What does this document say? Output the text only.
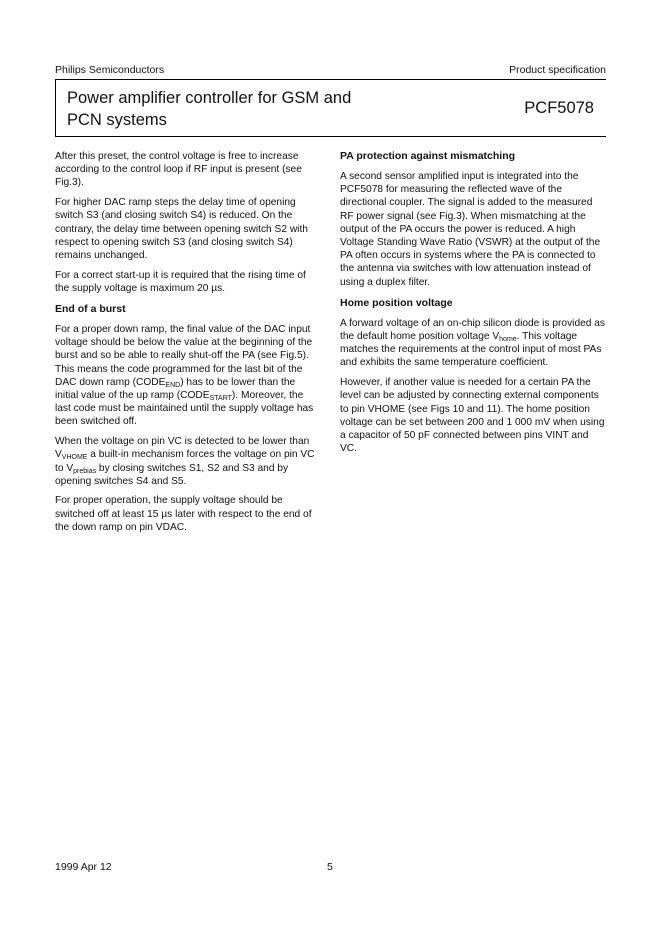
Philips Semiconductors	Product specification
Power amplifier controller for GSM and PCN systems
PCF5078

After this preset, the control voltage is free to increase according to the control loop if RF input is present (see Fig.3).

For higher DAC ramp steps the delay time of opening switch S3 (and closing switch S4) is reduced. On the contrary, the delay time between opening switch S2 with respect to opening switch S3 (and closing switch S4) remains unchanged.

For a correct start-up it is required that the rising time of the supply voltage is maximum 20 µs.

End of a burst

For a proper down ramp, the final value of the DAC input voltage should be below the value at the beginning of the burst and so be able to really shut-off the PA (see Fig.5). This means the code programmed for the last bit of the DAC down ramp $(CODE_{END})$ has to be lower than the initial value of the up ramp $(CODE_{START})$. Moreover, the last code must be maintained until the supply voltage has been switched off.

When the voltage on pin VC is detected to be lower than $V_{VHOME}$ a built-in mechanism forces the voltage on pin VC to $V_{prebias}$ by closing switches S1, S2 and S3 and by opening switches S4 and S5.

For proper operation, the supply voltage should be switched off at least 15 µs later with respect to the end of the down ramp on pin VDAC.

PA protection against mismatching

A second sensor amplified input is integrated into the PCF5078 for measuring the reflected wave of the directional coupler. The signal is added to the measured RF power signal (see Fig.3). When mismatching at the output of the PA occurs the power is reduced. A high Voltage Standing Wave Ratio (VSWR) at the output of the PA often occurs in systems where the PA is connected to the antenna via switches with low attenuation instead of using a duplex filter.

Home position voltage

A forward voltage of an on-chip silicon diode is provided as the default home position voltage $V_{home}$. This voltage matches the requirements at the control input of most PAs and exhibits the same temperature coefficient.

However, if another value is needed for a certain PA the level can be adjusted by connecting external components to pin VHOME (see Figs 10 and 11). The home position voltage can be set between 200 and 1 000 mV when using a capacitor of 50 pF connected between pins VINT and VC.

1999 Apr 12	5
